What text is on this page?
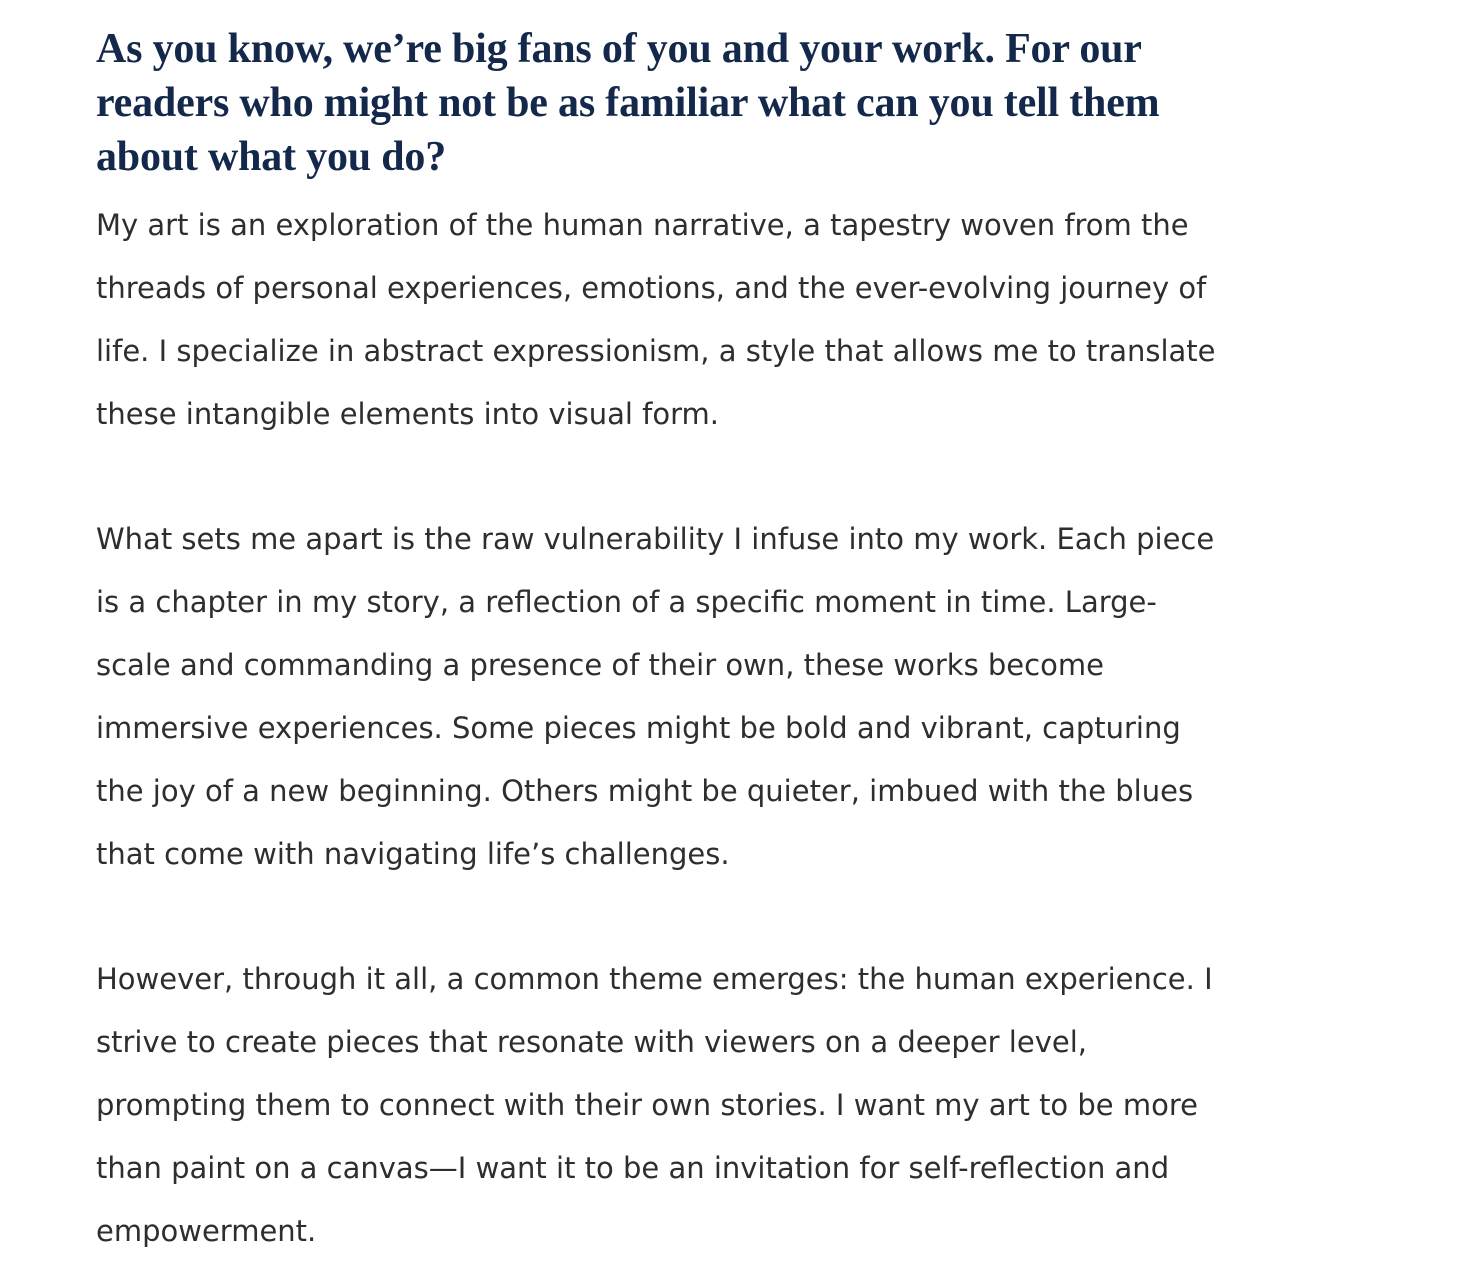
As you know, we’re big fans of you and your work. For our
readers who might not be as familiar what can you tell them
about what you do?

My art is an exploration of the human narrative, a tapestry woven from the
threads of personal experiences, emotions, and the ever-evolving journey of
life. I specialize in abstract expressionism, a style that allows me to translate
these intangible elements into visual form.

What sets me apart is the raw vulnerability I infuse into my work. Each piece
is a chapter in my story, a reflection of a specific moment in time. Large-
scale and commanding a presence of their own, these works become
immersive experiences. Some pieces might be bold and vibrant, capturing
the joy of a new beginning. Others might be quieter, imbued with the blues
that come with navigating life’s challenges.

However, through it all, a common theme emerges: the human experience. I
strive to create pieces that resonate with viewers on a deeper level,
prompting them to connect with their own stories. I want my art to be more
than paint on a canvas—I want it to be an invitation for self-reflection and
empowerment.
